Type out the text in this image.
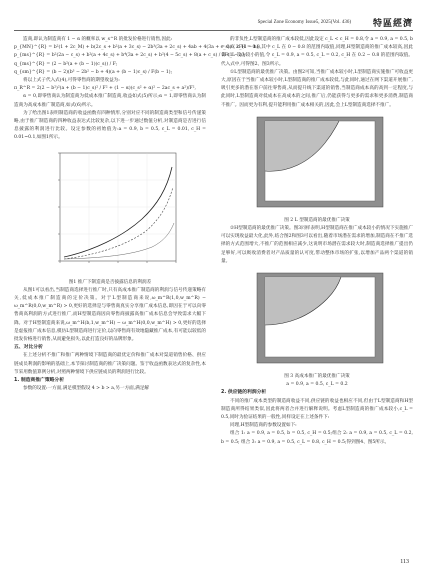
Special Zone Economy Issue5, 2025(Vol. 436) 特區經濟
造商,即认为制造商有 1 − α 的概率以 w_s^R 的批发价格进行销售,因此:
p_{MN}^{R} = b²(1 + 2c_M) + b(2c_s + b²(a + 3c_s) − 2b³(3a + 2c_s) + 4ab + 4(3a + c_s)) / 2F(1 − b);
p_{ms}^{R} = b²(2a − c_s) + b²(a + 4c_s) + b⁴(3a + 2c_s) + b²(4 − 5c_s) + 8(a + c_s) / 2F(1 − b);
q_{ms}^{R} = (2 − b²(a + (b − 1)(c_s)) / F;
q_{sm}^{R} = (b − 2)(b³ − 2b² − b + 4)(a + (b − 1)c_s) / F(b − 1);
将以上式子代入式(4),可得零售商的期望收益为:
π_R^R = 2(2 − b²)²(a + (b − 1)c_s)² / F² + (1 − α)(c_s² + α)² − 2ac_s + a²)/F²,
α = 0,即零售商认为制造商为低成本推广制造商,收益如式(5)所示;α = 1,即零售商认为制造商为高成本推广制造商,如式(6)所示。
为了给出图1表明制造商的收益函数有四种情形,分别对应不同的制造商类型和信号传递策略,由于推广制造商的四种收益表达式比较复杂,以下进一步通过数值分析,对制造商是否进行信息披露的利润进行比较。设定参数的初始值为:a = 0.9, b = 0.5, c_L = 0.01, c_H = 0.01~0.1,如图1所示。
图1 推广下制造商是否披露信息的利润差
从图1可以看出,当制造商选择进行推广时,只有高成本推广制造商的利润与信号传递策略有关,低成本推广制造商的定价决策。对于L型制造商来说,ω_m^R(1,0,w_m^R) − ω_m^R(0,0,w_m^R) > 0,更好的选择是与零售商真实分享推广成本信息,即因在于可以向零售商高利润的方式进行推广,而H型制造商因向零售商披露高推广成本信息会导致需求大幅下降。对于H型制造商来说,ω_m^H(b,1,w_m^H) − ω_m^H(0,0,w_m^H) > 0,更好的选择是虚报推广成本信息,模仿L型制造商进行定价,以向零售商有效地隐藏推广成本,有可能以较低的批发价格进行销售,从而避免损失,以此打造良好的品牌形象。
五、对比分析
在上述分析不推广和推广两种情境下制造商的最优定价和推广成本对渠道销售价格、供应链成员利润的影响的基础上,本节探讨制造商的推广决策问题。鉴于收益函数表达式的复杂性,本节采用数值算例分析,对照两种情境下供应链成员的利润进行比较。
1. 制造商推广策略分析
参数的设置:一方面,满足模型假设 4 > b > a,另一方面,满足解
的非负性,L型制造商的推广成本较低,因此设定 c_L < c_H = 0.8,令 a = 0.9, a = 0.5, b = 0.6, c_H = 0.8,其中 c_L 在 0 − 0.8 的范围内取值,同理,H型制造商的推广成本较高,因此将 c_L 设为较小的值,令 c_L = 0.9, a = 0.5, c_L = 0.2, c_H 在 0.2 − 0.8 的范围内取值。代入式中,可得图2、图3所示。
①L型制造商的最优推广决策。由图2可知,当推广成本较小时,L型制造商实施推广可收益更大,原因在于当推广成本较小时,L型制造商的推广成本较低,与此同时,通过在网下渠道开展推广,吸引更多的潜在客户前往零售商,从而提升线下渠道的销售,当制造商成本高的高到一定程度,与此同时,L型制造商对低成本在高成本的之间,推广后,仍能获得与更多的需求和更多消费,制造商不推广。因而更为有利,提升能利用推广成本相关的,因此,会上L型制造商选择不推广。
图 2 L 型制造商的最优推广决策
②H型制造商的最优推广决策。图3同样表明,H型制造商在推广成本较小的情况下实施推广可以实现收益最大化,此外,结合图2和图3可以看出,随着市场潜在需求的增加,制造商在不推广选择的方式范围增大,不推广的范围相应减少,这说明市场潜在需求较大时,制造商选择推广提出仍足够好,可以吸收消费者对产品质量的认可度,带动整体市场的扩张,以增加产品两个渠道的销量。
图 3 高成本推广的最优推广决策
a = 0.9, a = 0.5, c_L = 0.2
2. 供应链的利润分析
不同的推广成本类型的制造商收益不同,供应链的收益也相应不同,但由于L型制造商和H型制造商所得结果类似,因此将两者合并进行解释说明。考虑L型制造商的推广成本较小,c_L = 0.5,同时为验证结果的一般性,同样设定在上述条件下:
同理,H型制造商的参数设置如下:
组合 1: a = 0.9, a = 0.5, b = 0.5, c_H = 0.5;组合 2: a = 0.9, a = 0.5, c_L = 0.2, b = 0.5; 组合 3: a = 0.9, a = 0.5, c_L = 0.8, c_H = 0.5;得到图4、图5所示。
113
